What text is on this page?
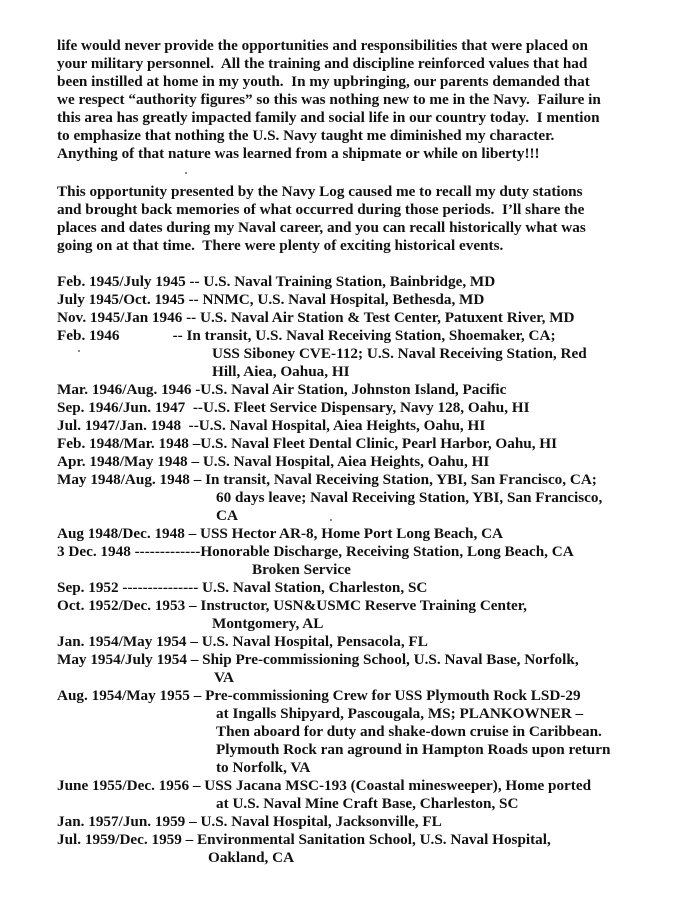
life would never provide the opportunities and responsibilities that were placed on
your military personnel.  All the training and discipline reinforced values that had
been instilled at home in my youth.  In my upbringing, our parents demanded that
we respect “authority figures” so this was nothing new to me in the Navy.  Failure in
this area has greatly impacted family and social life in our country today.  I mention
to emphasize that nothing the U.S. Navy taught me diminished my character.
Anything of that nature was learned from a shipmate or while on liberty!!!
This opportunity presented by the Navy Log caused me to recall my duty stations
and brought back memories of what occurred during those periods.  I’ll share the
places and dates during my Naval career, and you can recall historically what was
going on at that time.  There were plenty of exciting historical events.
Feb. 1945/July 1945 -- U.S. Naval Training Station, Bainbridge, MD
July 1945/Oct. 1945 -- NNMC, U.S. Naval Hospital, Bethesda, MD
Nov. 1945/Jan 1946 -- U.S. Naval Air Station & Test Center, Patuxent River, MD
Feb. 1946              -- In transit, U.S. Naval Receiving Station, Shoemaker, CA;
USS Siboney CVE-112; U.S. Naval Receiving Station, Red
Hill, Aiea, Oahua, HI
Mar. 1946/Aug. 1946 -U.S. Naval Air Station, Johnston Island, Pacific
Sep. 1946/Jun. 1947  --U.S. Fleet Service Dispensary, Navy 128, Oahu, HI
Jul. 1947/Jan. 1948  --U.S. Naval Hospital, Aiea Heights, Oahu, HI
Feb. 1948/Mar. 1948 –U.S. Naval Fleet Dental Clinic, Pearl Harbor, Oahu, HI
Apr. 1948/May 1948 – U.S. Naval Hospital, Aiea Heights, Oahu, HI
May 1948/Aug. 1948 – In transit, Naval Receiving Station, YBI, San Francisco, CA;
60 days leave; Naval Receiving Station, YBI, San Francisco,
CA
Aug 1948/Dec. 1948 – USS Hector AR-8, Home Port Long Beach, CA
3 Dec. 1948 -------------Honorable Discharge, Receiving Station, Long Beach, CA
Broken Service
Sep. 1952 --------------- U.S. Naval Station, Charleston, SC
Oct. 1952/Dec. 1953 – Instructor, USN&USMC Reserve Training Center,
Montgomery, AL
Jan. 1954/May 1954 – U.S. Naval Hospital, Pensacola, FL
May 1954/July 1954 – Ship Pre-commissioning School, U.S. Naval Base, Norfolk,
VA
Aug. 1954/May 1955 – Pre-commissioning Crew for USS Plymouth Rock LSD-29
at Ingalls Shipyard, Pascougala, MS; PLANKOWNER –
Then aboard for duty and shake-down cruise in Caribbean.
Plymouth Rock ran aground in Hampton Roads upon return
to Norfolk, VA
June 1955/Dec. 1956 – USS Jacana MSC-193 (Coastal minesweeper), Home ported
at U.S. Naval Mine Craft Base, Charleston, SC
Jan. 1957/Jun. 1959 – U.S. Naval Hospital, Jacksonville, FL
Jul. 1959/Dec. 1959 – Environmental Sanitation School, U.S. Naval Hospital,
Oakland, CA
